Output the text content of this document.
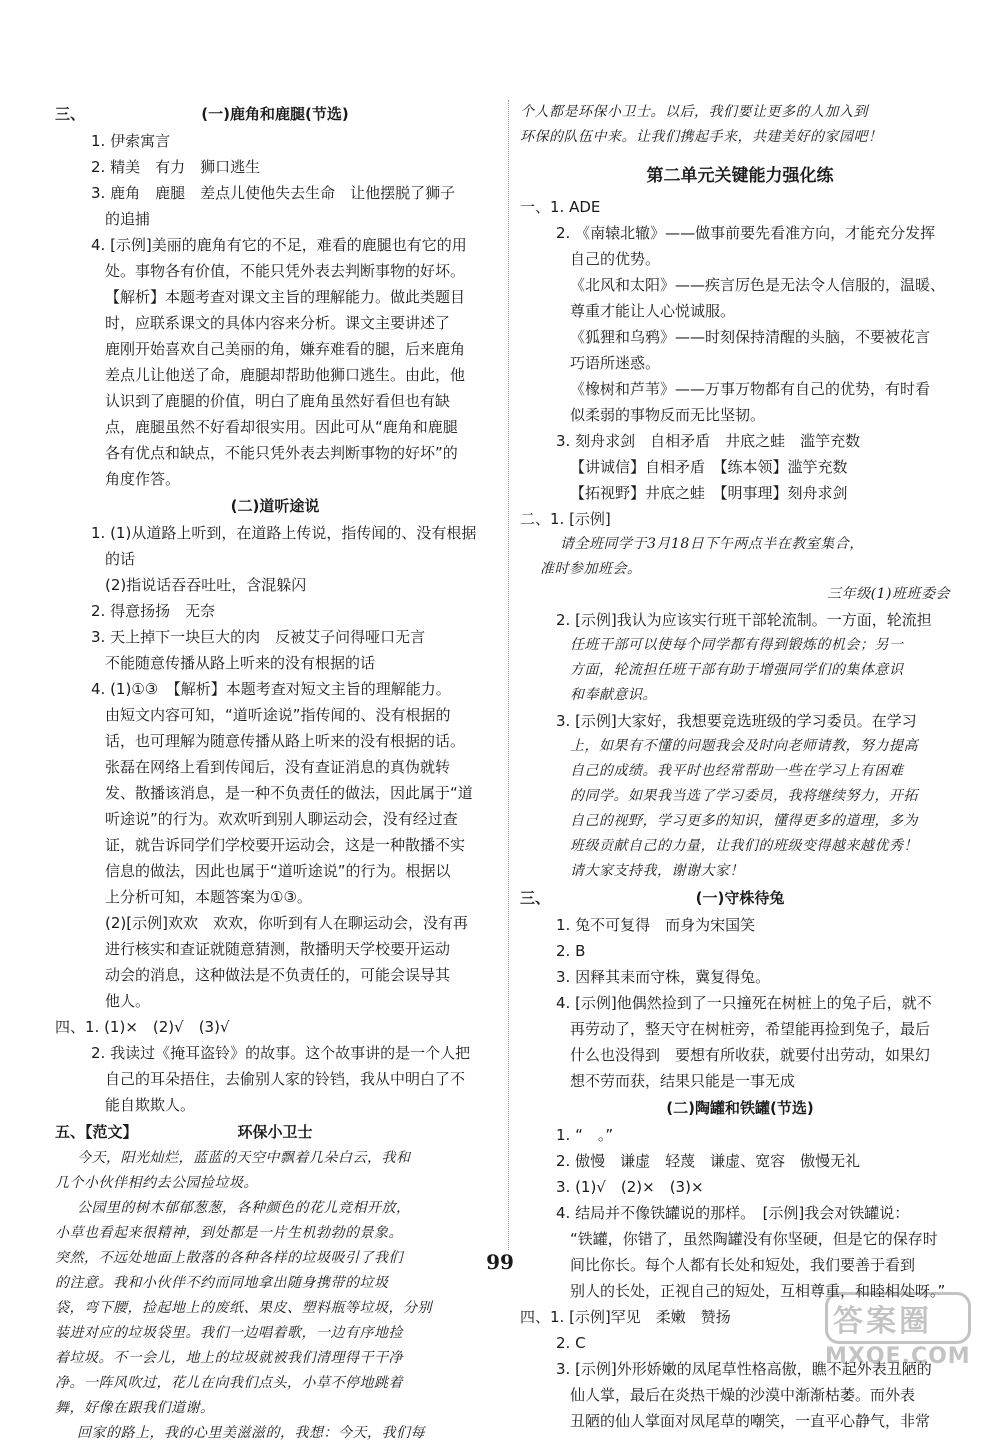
三、	(一)鹿角和鹿腿(节选)
1. 伊索寓言
2. 精美　有力　狮口逃生
3. 鹿角　鹿腿　差点儿使他失去生命　让他摆脱了狮子
的追捕
4. [示例]美丽的鹿角有它的不足，难看的鹿腿也有它的用
处。事物各有价值，不能只凭外表去判断事物的好坏。
【解析】本题考查对课文主旨的理解能力。做此类题目
时，应联系课文的具体内容来分析。课文主要讲述了
鹿刚开始喜欢自己美丽的角，嫌弃难看的腿，后来鹿角
差点儿让他送了命，鹿腿却帮助他狮口逃生。由此，他
认识到了鹿腿的价值，明白了鹿角虽然好看但也有缺
点，鹿腿虽然不好看却很实用。因此可从“鹿角和鹿腿
各有优点和缺点，不能只凭外表去判断事物的好坏”的
角度作答。
(二)道听途说
1. (1)从道路上听到，在道路上传说，指传闻的、没有根据
的话
(2)指说话吞吞吐吐，含混躲闪
2. 得意扬扬　无奈
3. 天上掉下一块巨大的肉　反被艾子问得哑口无言
不能随意传播从路上听来的没有根据的话
4. (1)①③　【解析】本题考查对短文主旨的理解能力。
由短文内容可知，“道听途说”指传闻的、没有根据的
话，也可理解为随意传播从路上听来的没有根据的话。
张磊在网络上看到传闻后，没有查证消息的真伪就转
发、散播该消息，是一种不负责任的做法，因此属于“道
听途说”的行为。欢欢听到别人聊运动会，没有经过查
证，就告诉同学们学校要开运动会，这是一种散播不实
信息的做法，因此也属于“道听途说”的行为。根据以
上分析可知，本题答案为①③。
(2)[示例]欢欢　欢欢，你听到有人在聊运动会，没有再
进行核实和查证就随意猜测，散播明天学校要开运动
动会的消息，这种做法是不负责任的，可能会误导其
他人。
四、1. (1)×　(2)√　(3)√
2. 我读过《掩耳盗铃》的故事。这个故事讲的是一个人把
自己的耳朵捂住，去偷别人家的铃铛，我从中明白了不
能自欺欺人。
五、【范文】	环保小卫士
今天，阳光灿烂，蓝蓝的天空中飘着几朵白云，我和
几个小伙伴相约去公园捡垃圾。
公园里的树木郁郁葱葱，各种颜色的花儿竞相开放，
小草也看起来很精神，到处都是一片生机勃勃的景象。
突然，不远处地面上散落的各种各样的垃圾吸引了我们
的注意。我和小伙伴不约而同地拿出随身携带的垃圾
袋，弯下腰，捡起地上的废纸、果皮、塑料瓶等垃圾，分别
装进对应的垃圾袋里。我们一边唱着歌，一边有序地捡
着垃圾。不一会儿，地上的垃圾就被我们清理得干干净
净。一阵风吹过，花儿在向我们点头，小草不停地跳着
舞，好像在跟我们道谢。
回家的路上，我的心里美滋滋的，我想：今天，我们每
个人都是环保小卫士。以后，我们要让更多的人加入到
环保的队伍中来。让我们携起手来，共建美好的家园吧！
第二单元关键能力强化练
一、1. ADE
2. 《南辕北辙》——做事前要先看准方向，才能充分发挥
自己的优势。
《北风和太阳》——疾言厉色是无法令人信服的，温暖、
尊重才能让人心悦诚服。
《狐狸和乌鸦》——时刻保持清醒的头脑，不要被花言
巧语所迷惑。
《橡树和芦苇》——万事万物都有自己的优势，有时看
似柔弱的事物反而无比坚韧。
3. 刻舟求剑　自相矛盾　井底之蛙　滥竽充数
【讲诚信】自相矛盾　【练本领】滥竽充数
【拓视野】井底之蛙　【明事理】刻舟求剑
二、1. [示例]
请全班同学于3月18日下午两点半在教室集合，
准时参加班会。
三年级(1)班班委会
2. [示例]我认为应该实行班干部轮流制。一方面，轮流担
任班干部可以使每个同学都有得到锻炼的机会；另一
方面，轮流担任班干部有助于增强同学们的集体意识
和奉献意识。
3. [示例]大家好，我想要竞选班级的学习委员。在学习
上，如果有不懂的问题我会及时向老师请教，努力提高
自己的成绩。我平时也经常帮助一些在学习上有困难
的同学。如果我当选了学习委员，我将继续努力，开拓
自己的视野，学习更多的知识，懂得更多的道理，多为
班级贡献自己的力量，让我们的班级变得越来越优秀！
请大家支持我，谢谢大家！
三、	(一)守株待兔
1. 兔不可复得　而身为宋国笑
2. B
3. 因释其耒而守株，冀复得兔。
4. [示例]他偶然捡到了一只撞死在树桩上的兔子后，就不
再劳动了，整天守在树桩旁，希望能再捡到兔子，最后
什么也没得到　要想有所收获，就要付出劳动，如果幻
想不劳而获，结果只能是一事无成
(二)陶罐和铁罐(节选)
1. “　。”
2. 傲慢　谦虚　轻蔑　谦虚、宽容　傲慢无礼
3. (1)√　(2)×　(3)×
4. 结局并不像铁罐说的那样。　[示例]我会对铁罐说：
“铁罐，你错了，虽然陶罐没有你坚硬，但是它的保存时
间比你长。每个人都有长处和短处，我们要善于看到
别人的长处，正视自己的短处，互相尊重，和睦相处呀。”
四、1. [示例]罕见　柔嫩　赞扬
2. C
3. [示例]外形娇嫩的凤尾草性格高傲，瞧不起外表丑陋的
仙人掌，最后在炎热干燥的沙漠中渐渐枯萎。而外表
丑陋的仙人掌面对凤尾草的嘲笑，一直平心静气，非常
99
答案圈
MXQE.COM
